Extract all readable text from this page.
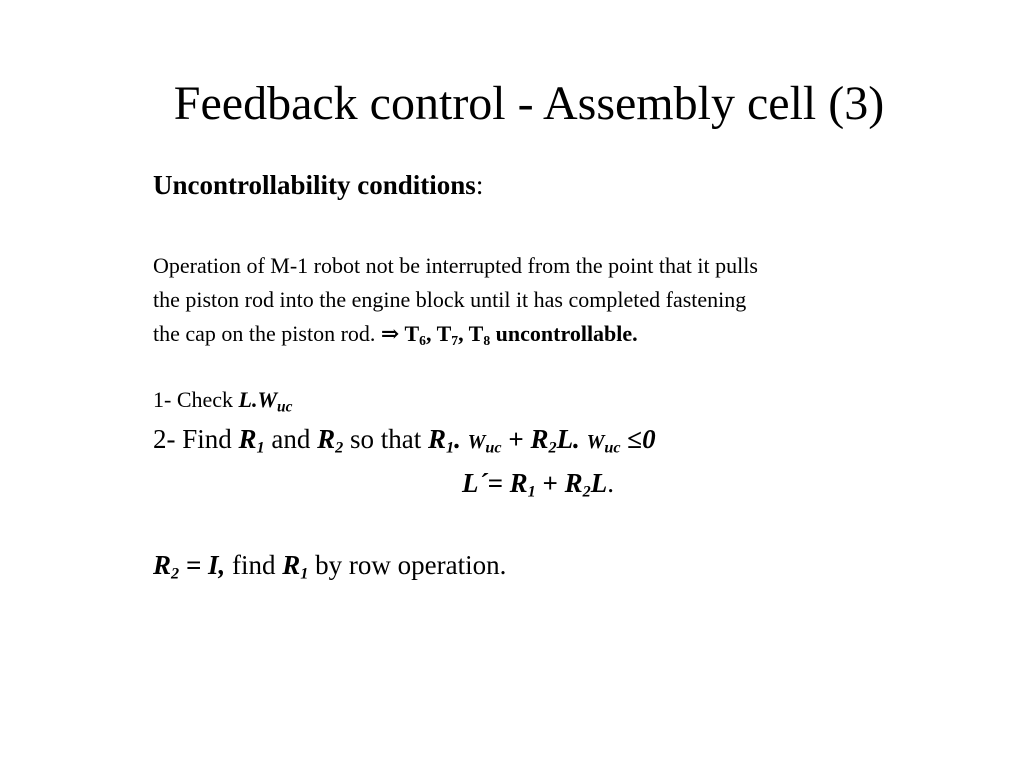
Feedback control - Assembly cell (3)
Uncontrollability conditions:
Operation of M-1 robot not be interrupted from the point that it pulls
the piston rod into the engine block until it has completed fastening
the cap on the piston rod. ⇒ $T_6$, $T_7$, $T_8$ uncontrollable.
1- Check $L.W_{uc}$
2- Find $R_1$ and $R_2$ so that $R_1$. $W_{uc} + R_2L$. $W_{uc} \le 0$
L´= $R_1 + R_2L$.
$R_2 = I$, find $R_1$ by row operation.
